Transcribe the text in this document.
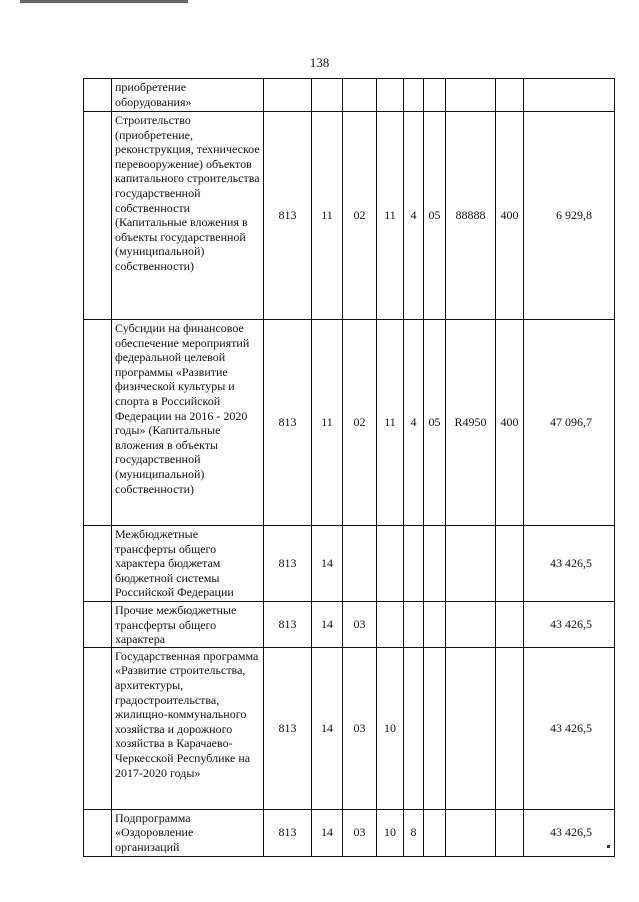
138
	приобретение оборудования»									
	Строительство (приобретение, реконструкция, техническое перевооружение) объектов капитального строительства государственной собственности (Капитальные вложения в объекты государственной (муниципальной) собственности)	813	11	02	11	4	05	88888	400	6 929,8
	Субсидии на финансовое обеспечение мероприятий федеральной целевой программы «Развитие физической культуры и спорта в Российской Федерации на 2016 - 2020 годы» (Капитальные вложения в объекты государственной (муниципальной) собственности)	813	11	02	11	4	05	R4950	400	47 096,7
	Межбюджетные трансферты общего характера бюджетам бюджетной системы Российской Федерации	813	14							43 426,5
	Прочие межбюджетные трансферты общего характера	813	14	03						43 426,5
	Государственная программа «Развитие строительства, архитектуры, градостроительства, жилищно-коммунального хозяйства и дорожного хозяйства в Карачаево-Черкесской Республике на 2017-2020 годы»	813	14	03	10					43 426,5
	Подпрограмма «Оздоровление организаций	813	14	03	10	8				43 426,5
